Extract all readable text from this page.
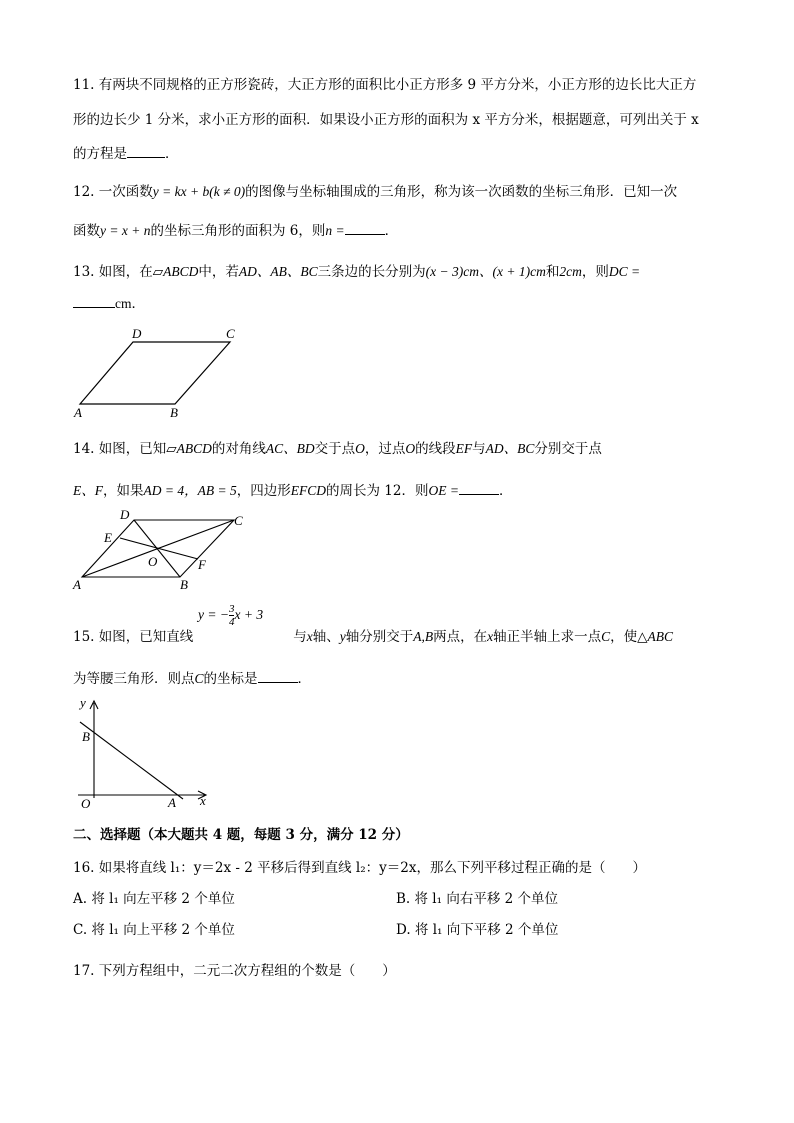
11. 有两块不同规格的正方形瓷砖，大正方形的面积比小正方形多 9 平方分米，小正方形的边长比大正方
形的边长少 1 分米，求小正方形的面积．如果设小正方形的面积为 x 平方分米，根据题意，可列出关于 x
的方程是	．
12. 一次函数y = kx + b(k ≠ 0)的图像与坐标轴围成的三角形，称为该一次函数的坐标三角形．已知一次
函数y = x + n的坐标三角形的面积为 6，则n =	．
13. 如图，在▱ABCD中，若AD、AB、BC三条边的长分别为(x − 3)cm、(x + 1)cm和2cm，则DC =
cm．
A	B
C
D
14. 如图，已知▱ABCD的对角线AC、BD交于点O，过点O的线段EF与AD、BC分别交于点
E、F，如果AD = 4，AB = 5，四边形EFCD的周长为 12．则OE =	．
A	B
C
D
E
F
O
y = − $\frac{3}{4}$ x + 3
15. 如图，已知直线	与x轴、y轴分别交于A,B两点，在x轴正半轴上求一点C，使△ABC
为等腰三角形．则点C的坐标是	．
y
x
B
O	A
二、选择题（本大题共 4 题，每题 3 分，满分 12 分）
16. 如果将直线 l₁：y＝2x - 2 平移后得到直线 l₂：y＝2x，那么下列平移过程正确的是（　　）
A. 将 l₁ 向左平移 2 个单位	B. 将 l₁ 向右平移 2 个单位
C. 将 l₁ 向上平移 2 个单位	D. 将 l₁ 向下平移 2 个单位
17. 下列方程组中，二元二次方程组的个数是（　　）
